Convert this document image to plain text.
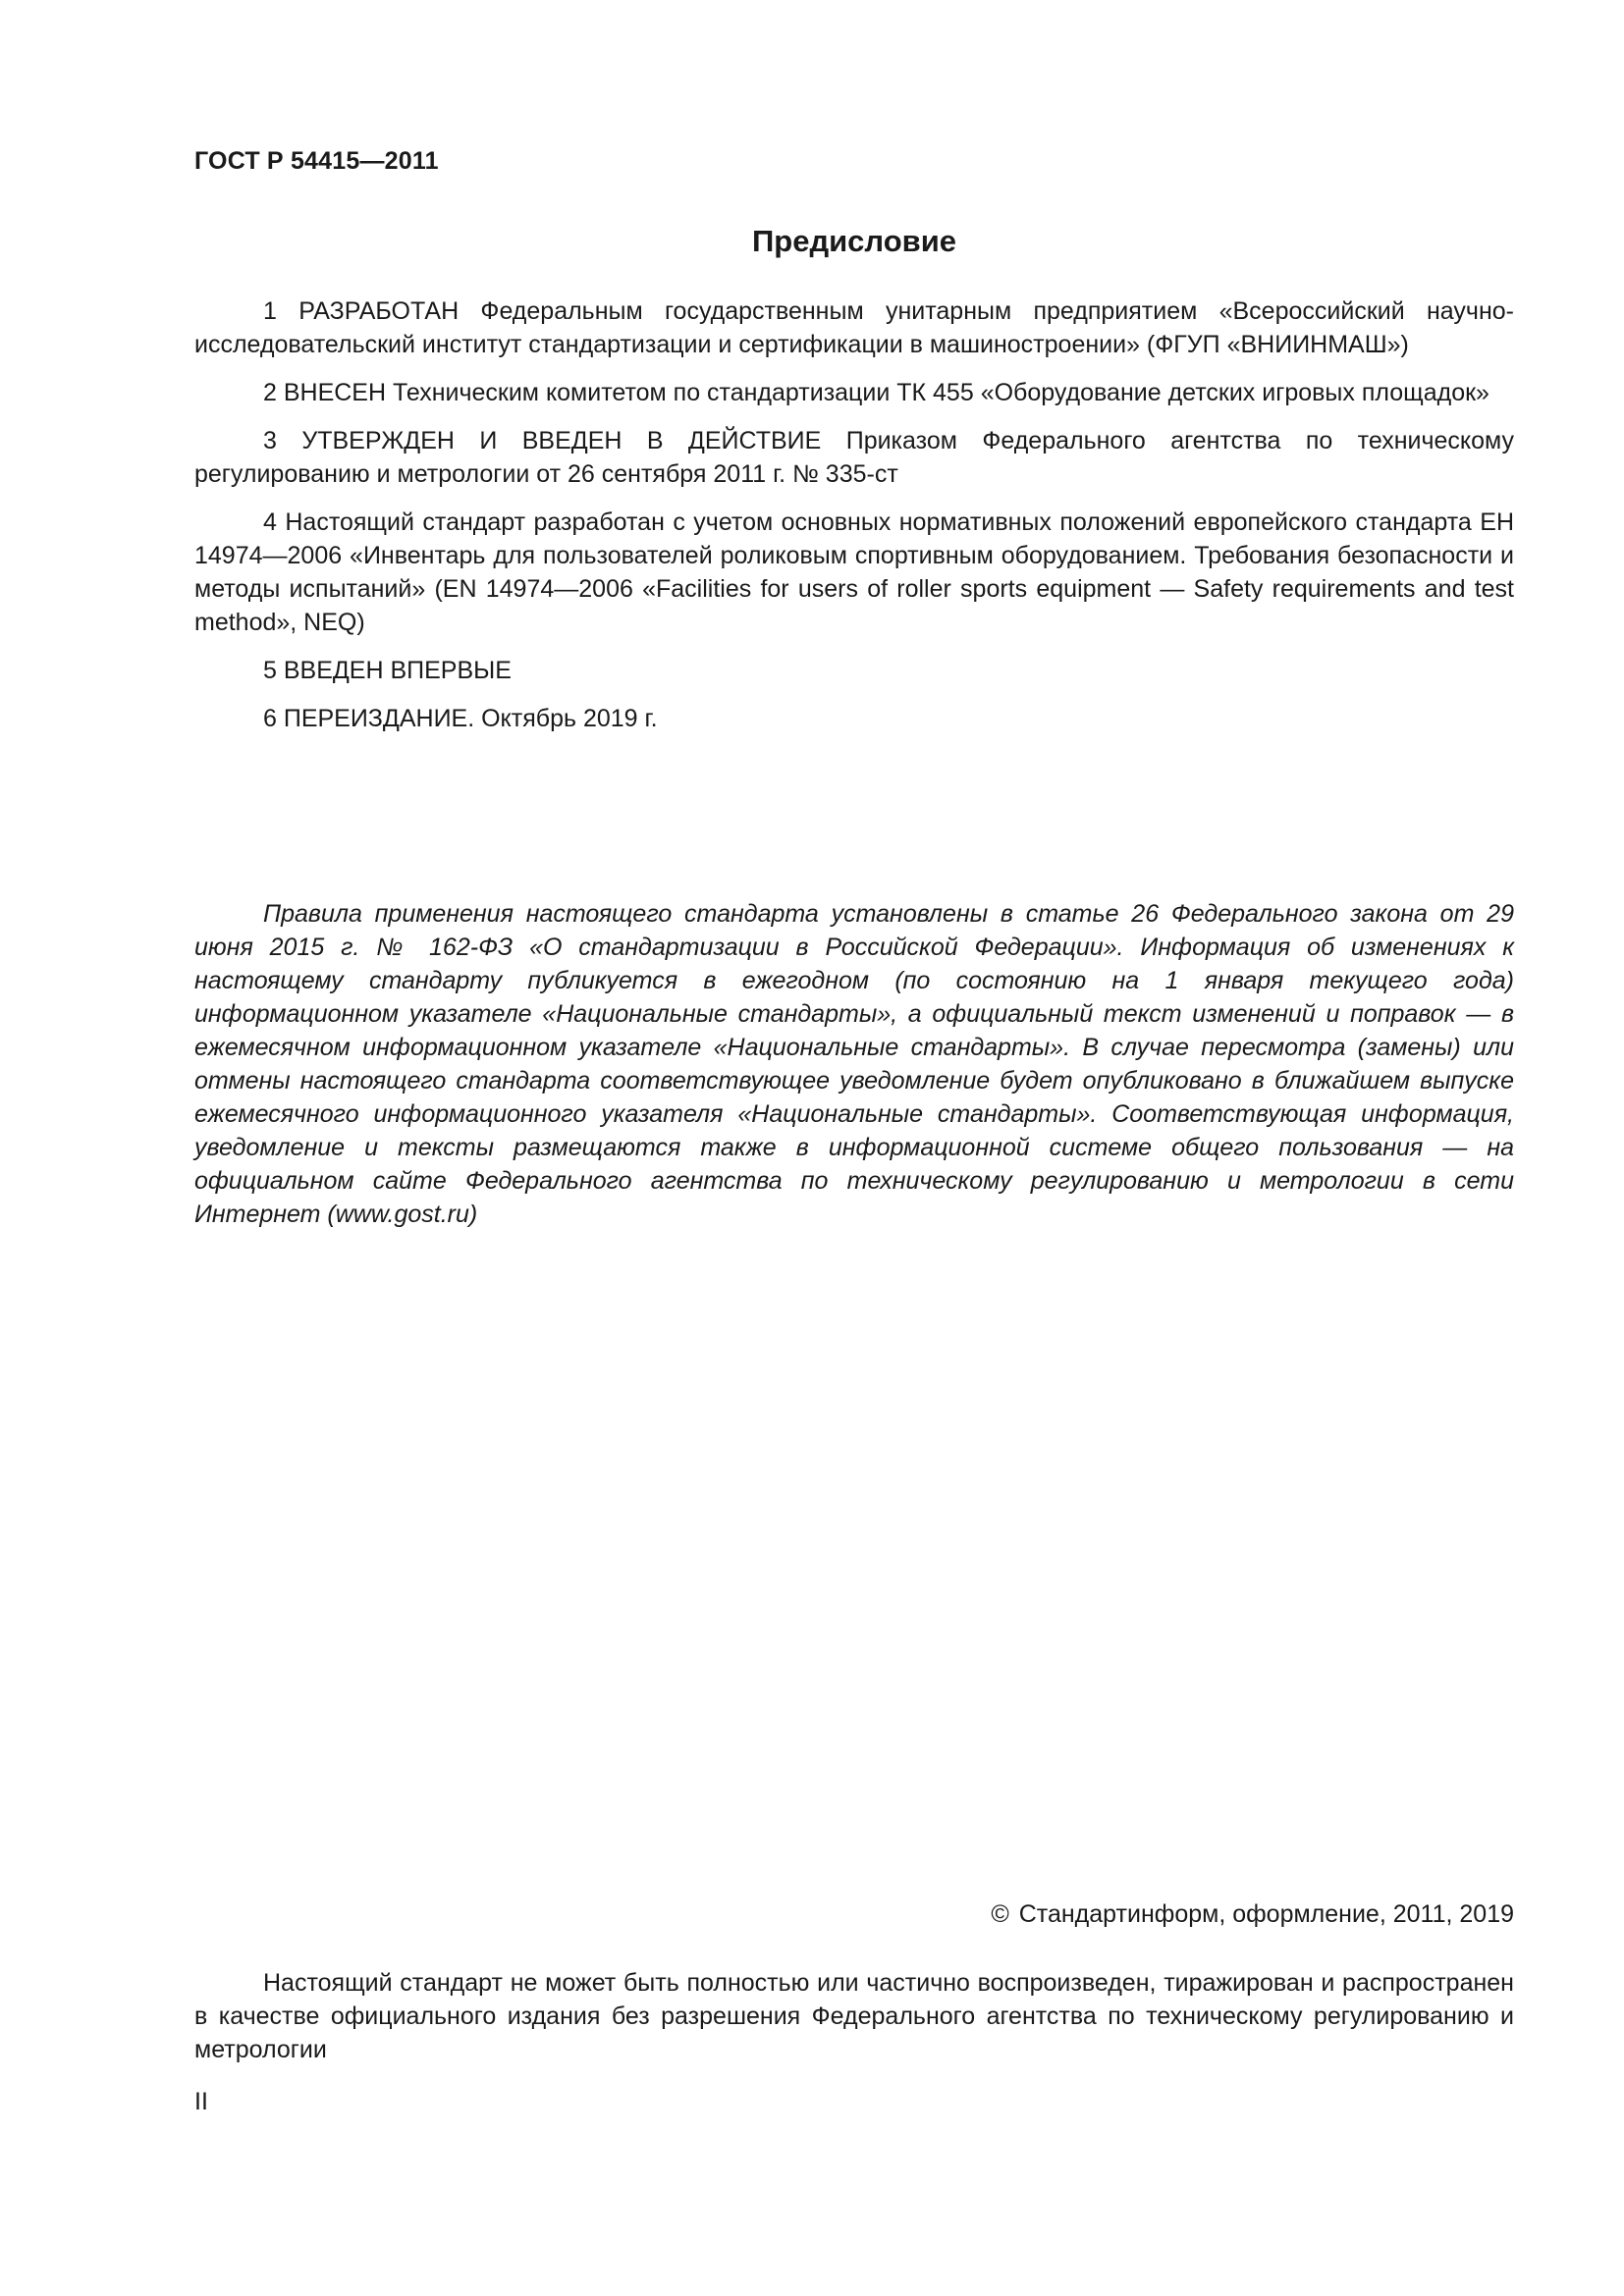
ГОСТ Р 54415—2011
Предисловие

1 РАЗРАБОТАН Федеральным государственным унитарным предприятием «Всероссийский научно-исследовательский институт стандартизации и сертификации в машиностроении» (ФГУП «ВНИИНМАШ»)

2 ВНЕСЕН Техническим комитетом по стандартизации ТК 455 «Оборудование детских игровых площадок»

3 УТВЕРЖДЕН И ВВЕДЕН В ДЕЙСТВИЕ Приказом Федерального агентства по техническому регулированию и метрологии от 26 сентября 2011 г. № 335-ст

4 Настоящий стандарт разработан с учетом основных нормативных положений европейского стандарта ЕН 14974—2006 «Инвентарь для пользователей роликовым спортивным оборудованием. Требования безопасности и методы испытаний» (EN 14974—2006 «Facilities for users of roller sports equipment — Safety requirements and test method», NEQ)

5 ВВЕДЕН ВПЕРВЫЕ

6 ПЕРЕИЗДАНИЕ. Октябрь 2019 г.

Правила применения настоящего стандарта установлены в статье 26 Федерального закона от 29 июня 2015 г. № 162-ФЗ «О стандартизации в Российской Федерации». Информация об изменениях к настоящему стандарту публикуется в ежегодном (по состоянию на 1 января текущего года) информационном указателе «Национальные стандарты», а официальный текст изменений и поправок — в ежемесячном информационном указателе «Национальные стандарты». В случае пересмотра (замены) или отмены настоящего стандарта соответствующее уведомление будет опубликовано в ближайшем выпуске ежемесячного информационного указателя «Национальные стандарты». Соответствующая информация, уведомление и тексты размещаются также в информационной системе общего пользования — на официальном сайте Федерального агентства по техническому регулированию и метрологии в сети Интернет (www.gost.ru)

© Стандартинформ, оформление, 2011, 2019

Настоящий стандарт не может быть полностью или частично воспроизведен, тиражирован и распространен в качестве официального издания без разрешения Федерального агентства по техническому регулированию и метрологии

II
